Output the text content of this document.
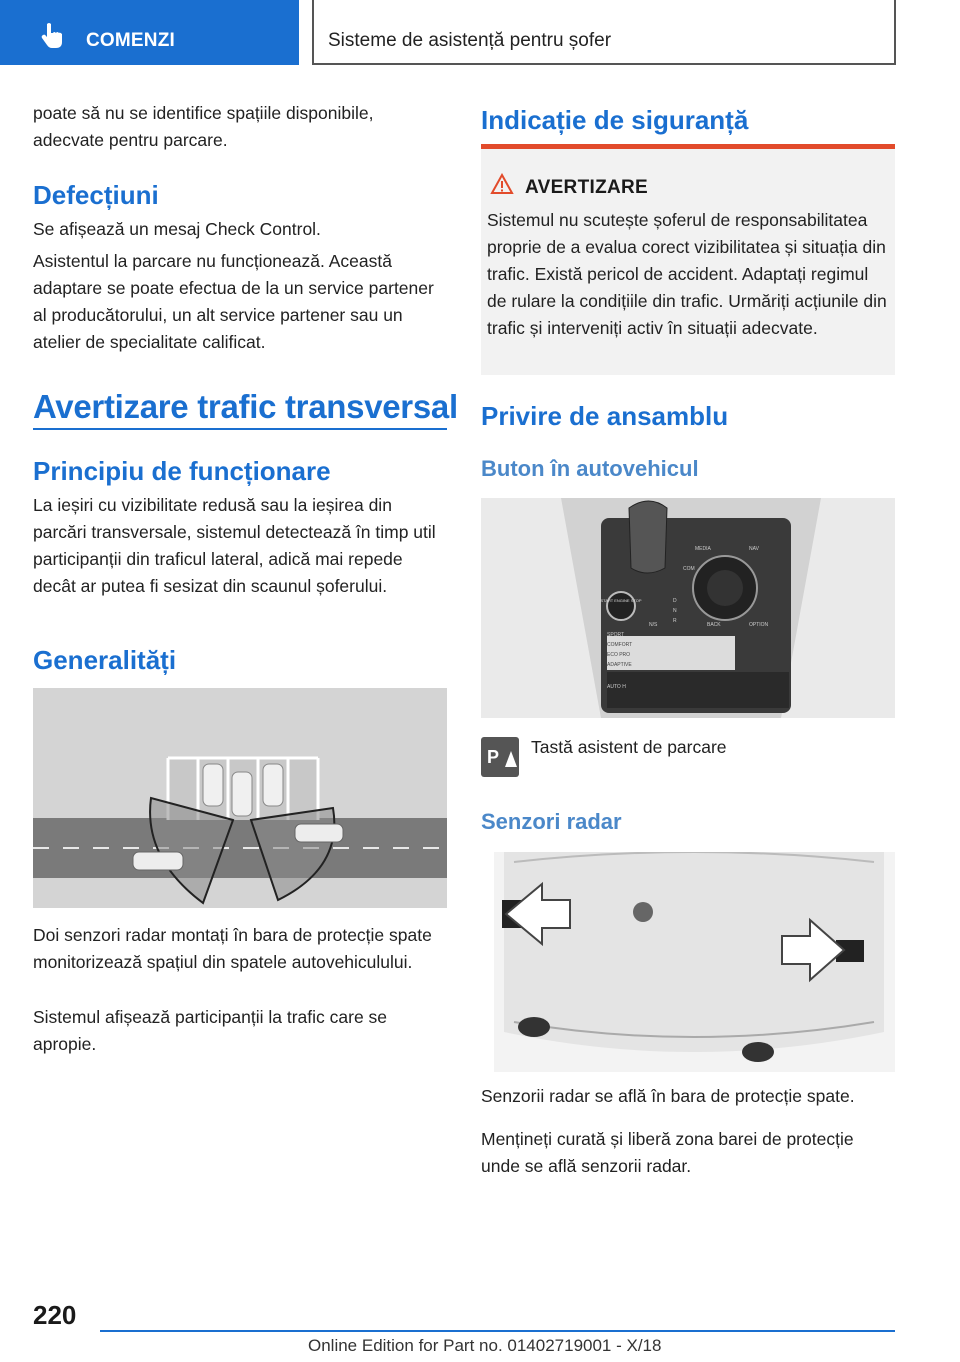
COMENZI	Sisteme de asistență pentru șofer

poate să nu se identifice spațiile disponibile, adecvate pentru parcare.

Defecțiuni

Se afișează un mesaj Check Control.

Asistentul la parcare nu funcționează. Această adaptare se poate efectua de la un service partener al producătorului, un alt service partener sau un atelier de specialitate calificat.

Avertizare trafic transversal
Principiu de funcționare

La ieșiri cu vizibilitate redusă sau la ieșirea din parcări transversale, sistemul detectează în timp util participanții din traficul lateral, adică mai repede decât ar putea fi sesizat din scaunul șoferului.

Generalități

Doi senzori radar montați în bara de protecție spate monitorizează spațiul din spatele autovehiculului.

Sistemul afișează participanții la trafic care se apropie.

Indicație de siguranță
AVERTIZARE

Sistemul nu scutește șoferul de responsabilitatea proprie de a evalua corect vizibilitatea și situația din trafic. Există pericol de accident. Adaptați regimul de rulare la condițiile din trafic. Urmăriți acțiunile din trafic și interveniți activ în situații adecvate.

Privire de ansamblu
Buton în autovehicul
START ENGINE STOP
MEDIA	NAV
COM
BACK	OPTION
SPORT
COMFORT
ECO PRO
ADAPTIVE
AUTO H
N/S
D
N
R
P Tastă asistent de parcare
Senzori radar

Senzorii radar se află în bara de protecție spate.

Mențineți curată și liberă zona barei de protecție unde se află senzorii radar.

220
Online Edition for Part no. 01402719001 - X/18
